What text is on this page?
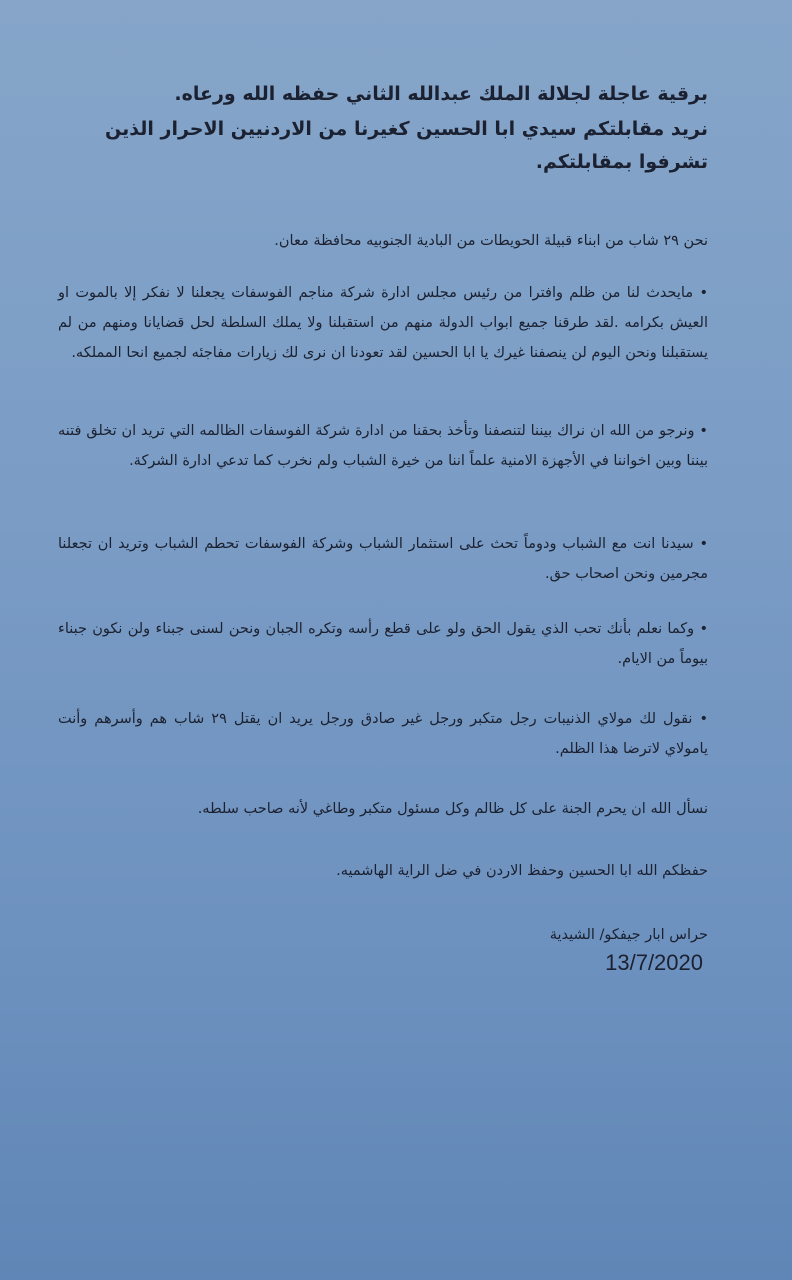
برقية عاجلة لجلالة الملك عبدالله الثاني حفظه الله ورعاه.
نريد مقابلتكم سيدي ابا الحسين كغيرنا من الاردنيين الاحرار الذين تشرفوا بمقابلتكم.
نحن ٢٩ شاب من ابناء قبيلة الحويطات من البادية الجنوبيه محافظة معان.
• مايحدث لنا من ظلم وافترا من رئيس مجلس ادارة شركة مناجم الفوسفات يجعلنا لا نفكر إلا بالموت او العيش بكرامه .لقد طرقنا جميع ابواب الدولة منهم من استقبلنا ولا يملك السلطة لحل قضايانا ومنهم من لم يستقبلنا ونحن اليوم لن ينصفنا غيرك يا ابا الحسين لقد تعودنا ان نرى لك زيارات مفاجئه لجميع انحا المملكه.
• ونرجو من الله ان نراك بيننا لتنصفنا وتأخذ بحقنا من ادارة شركة الفوسفات الظالمه التي تريد ان تخلق فتنه بيننا وبين اخواننا في الأجهزة الامنية علماً اننا من خيرة الشباب ولم نخرب كما تدعي ادارة الشركة.
• سيدنا انت مع الشباب ودوماً تحث على استثمار الشباب وشركة الفوسفات تحطم الشباب وتريد ان تجعلنا مجرمين ونحن اصحاب حق.
• وكما نعلم بأنك تحب الذي يقول الحق ولو على قطع رأسه وتكره الجبان ونحن لسنى جبناء ولن نكون جبناء بيوماً من الايام.
• نقول لك مولاي الذنيبات رجل متكبر ورجل غير صادق ورجل يريد ان يقتل ٢٩ شاب هم وأسرهم وأنت يامولاي لاترضا هذا الظلم.
نسأل الله ان يحرم الجنة على كل ظالم وكل مسئول متكبر وطاغي لأنه صاحب سلطه.
حفظكم الله ابا الحسين وحفظ الاردن في ضل الراية الهاشميه.
حراس ابار جيفكو/ الشيدية
13/7/2020
